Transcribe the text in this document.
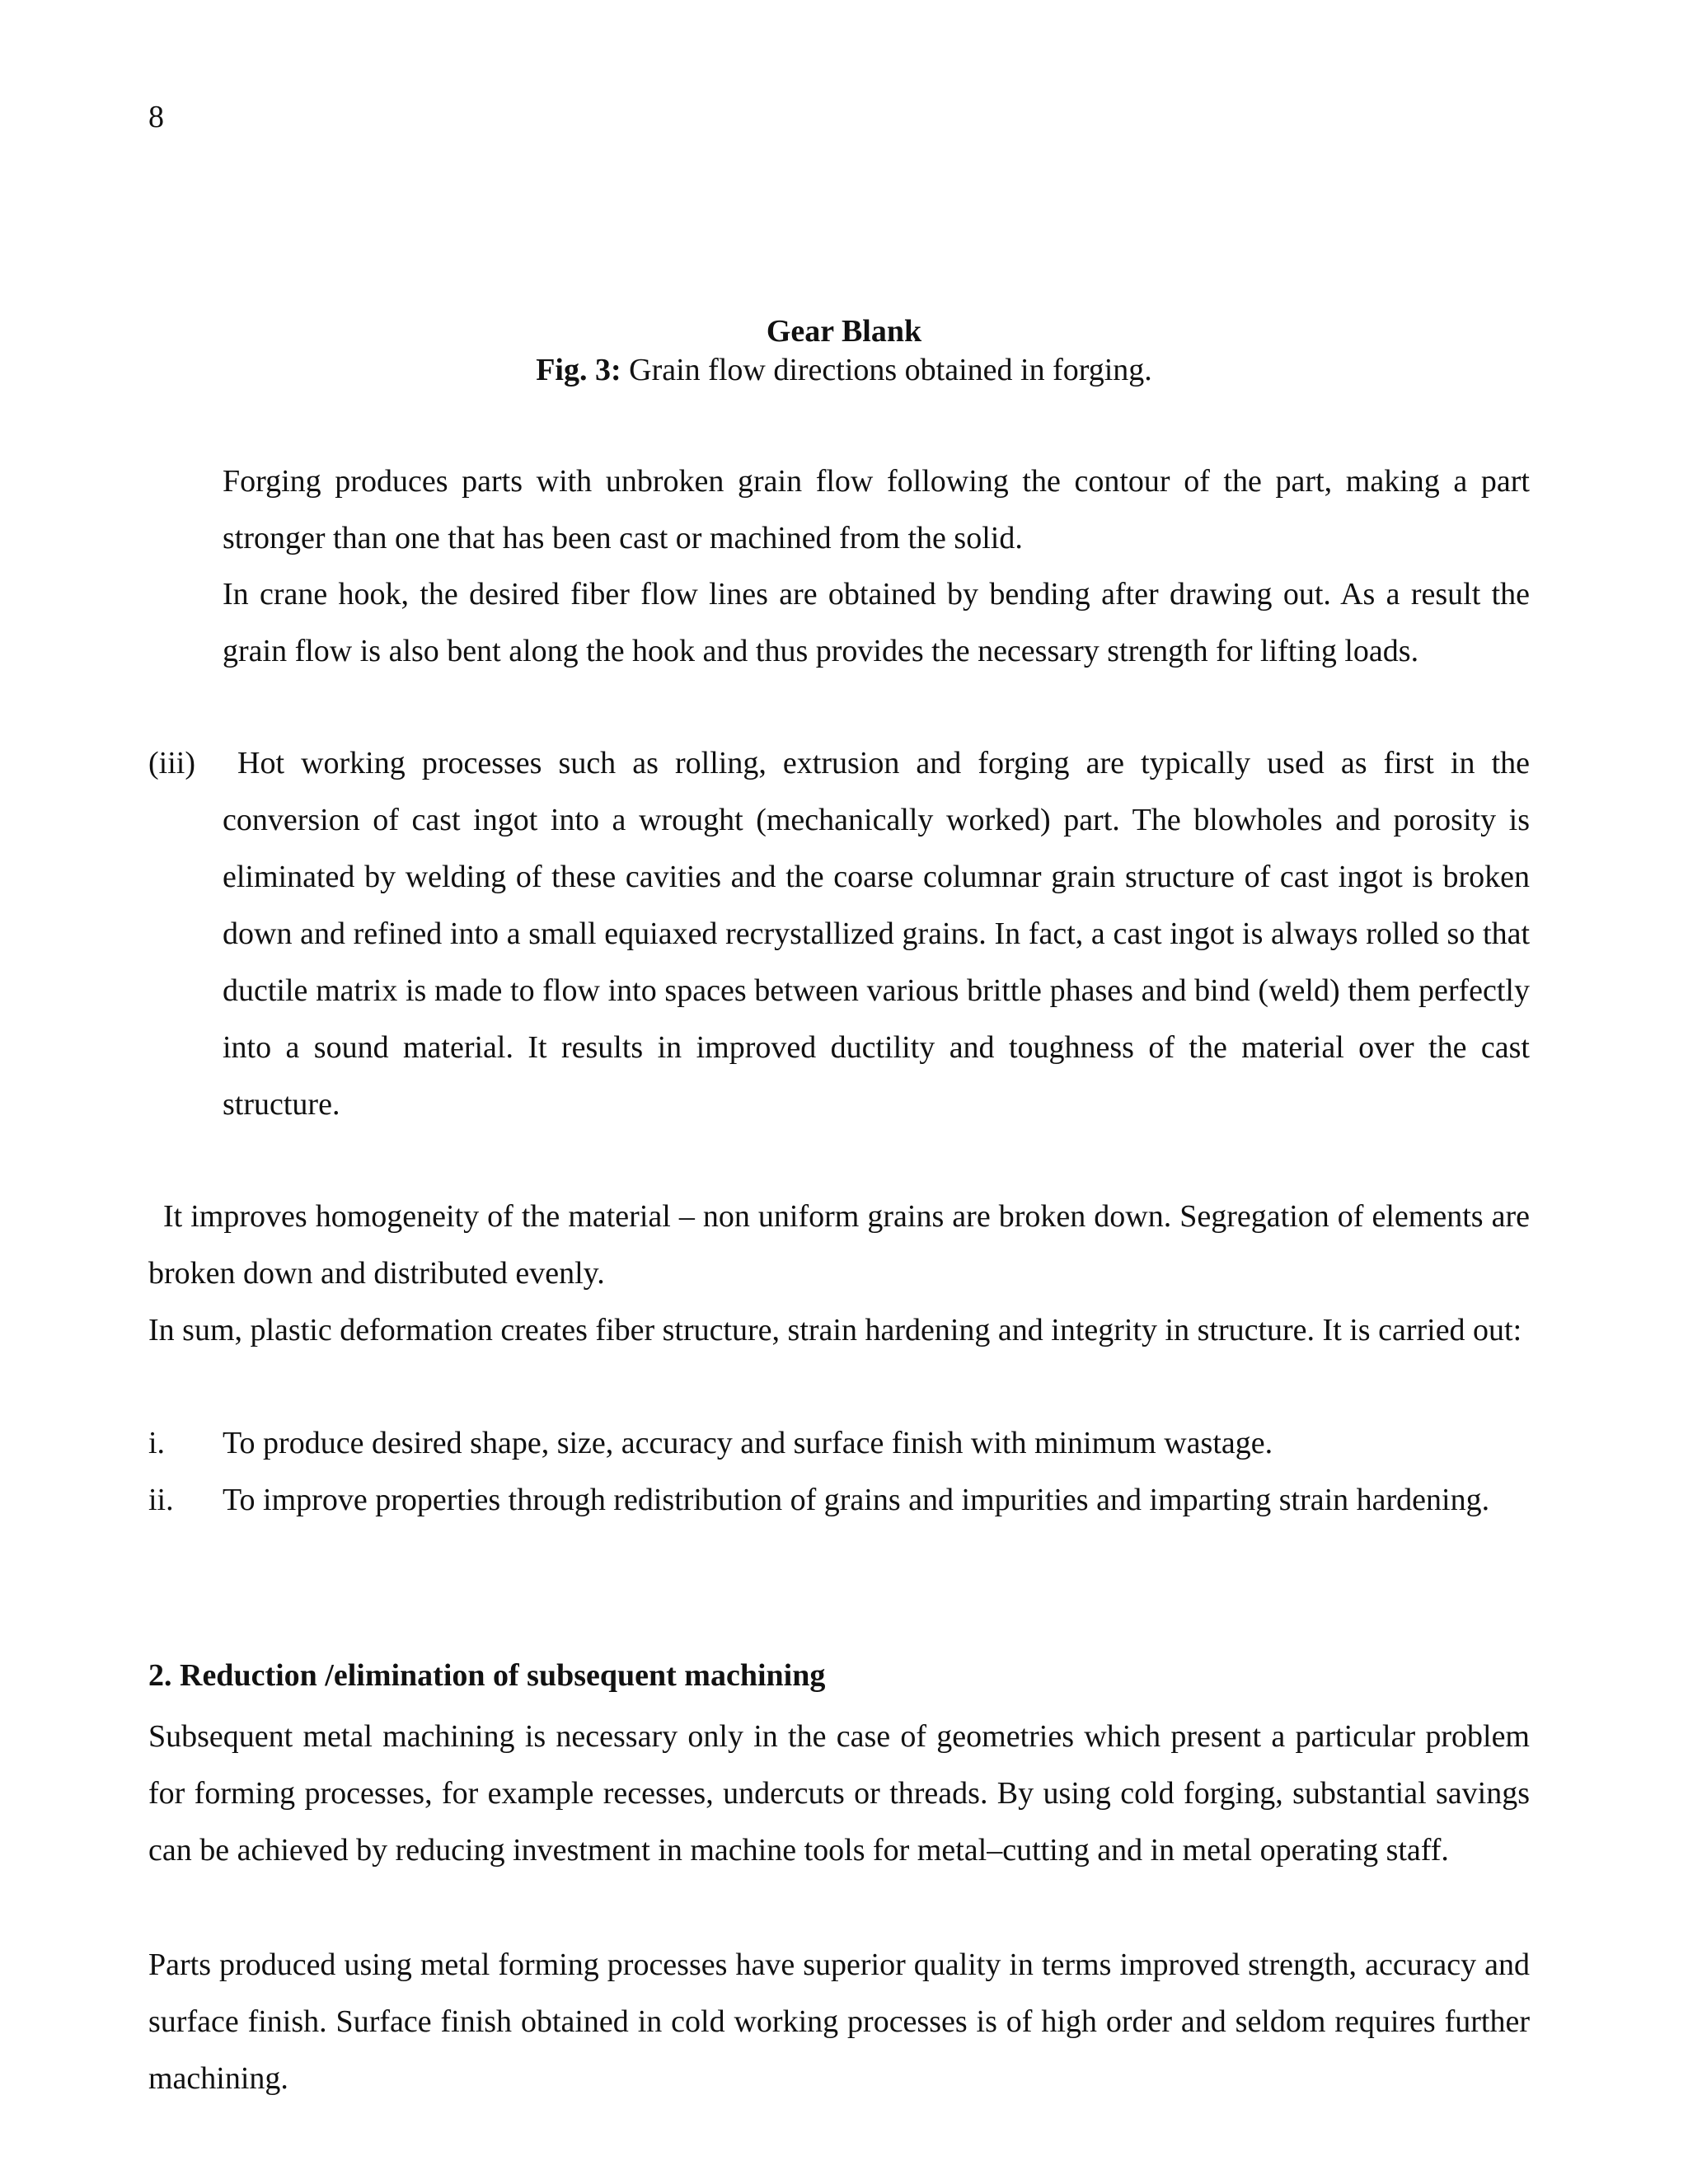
8
Gear Blank
Fig. 3: Grain flow directions obtained in forging.

Forging produces parts with unbroken grain flow following the contour of the part, making a part stronger than one that has been cast or machined from the solid.

In crane hook, the desired fiber flow lines are obtained by bending after drawing out. As a result the grain flow is also bent along the hook and thus provides the necessary strength for lifting loads.

(iii)	Hot working processes such as rolling, extrusion and forging are typically used as first in the conversion of cast ingot into a wrought (mechanically worked) part. The blowholes and porosity is eliminated by welding of these cavities and the coarse columnar grain structure of cast ingot is broken down and refined into a small equiaxed recrystallized grains. In fact, a cast ingot is always rolled so that ductile matrix is made to flow into spaces between various brittle phases and bind (weld) them perfectly into a sound material. It results in improved ductility and toughness of the material over the cast structure.

It improves homogeneity of the material – non uniform grains are broken down. Segregation of elements are broken down and distributed evenly.

In sum, plastic deformation creates fiber structure, strain hardening and integrity in structure. It is carried out:

i. To produce desired shape, size, accuracy and surface finish with minimum wastage.
ii. To improve properties through redistribution of grains and impurities and imparting strain hardening.
2. Reduction /elimination of subsequent machining

Subsequent metal machining is necessary only in the case of geometries which present a particular problem for forming processes, for example recesses, undercuts or threads. By using cold forging, substantial savings can be achieved by reducing investment in machine tools for metal–cutting and in metal operating staff.

Parts produced using metal forming processes have superior quality in terms improved strength, accuracy and surface finish. Surface finish obtained in cold working processes is of high order and seldom requires further machining.
